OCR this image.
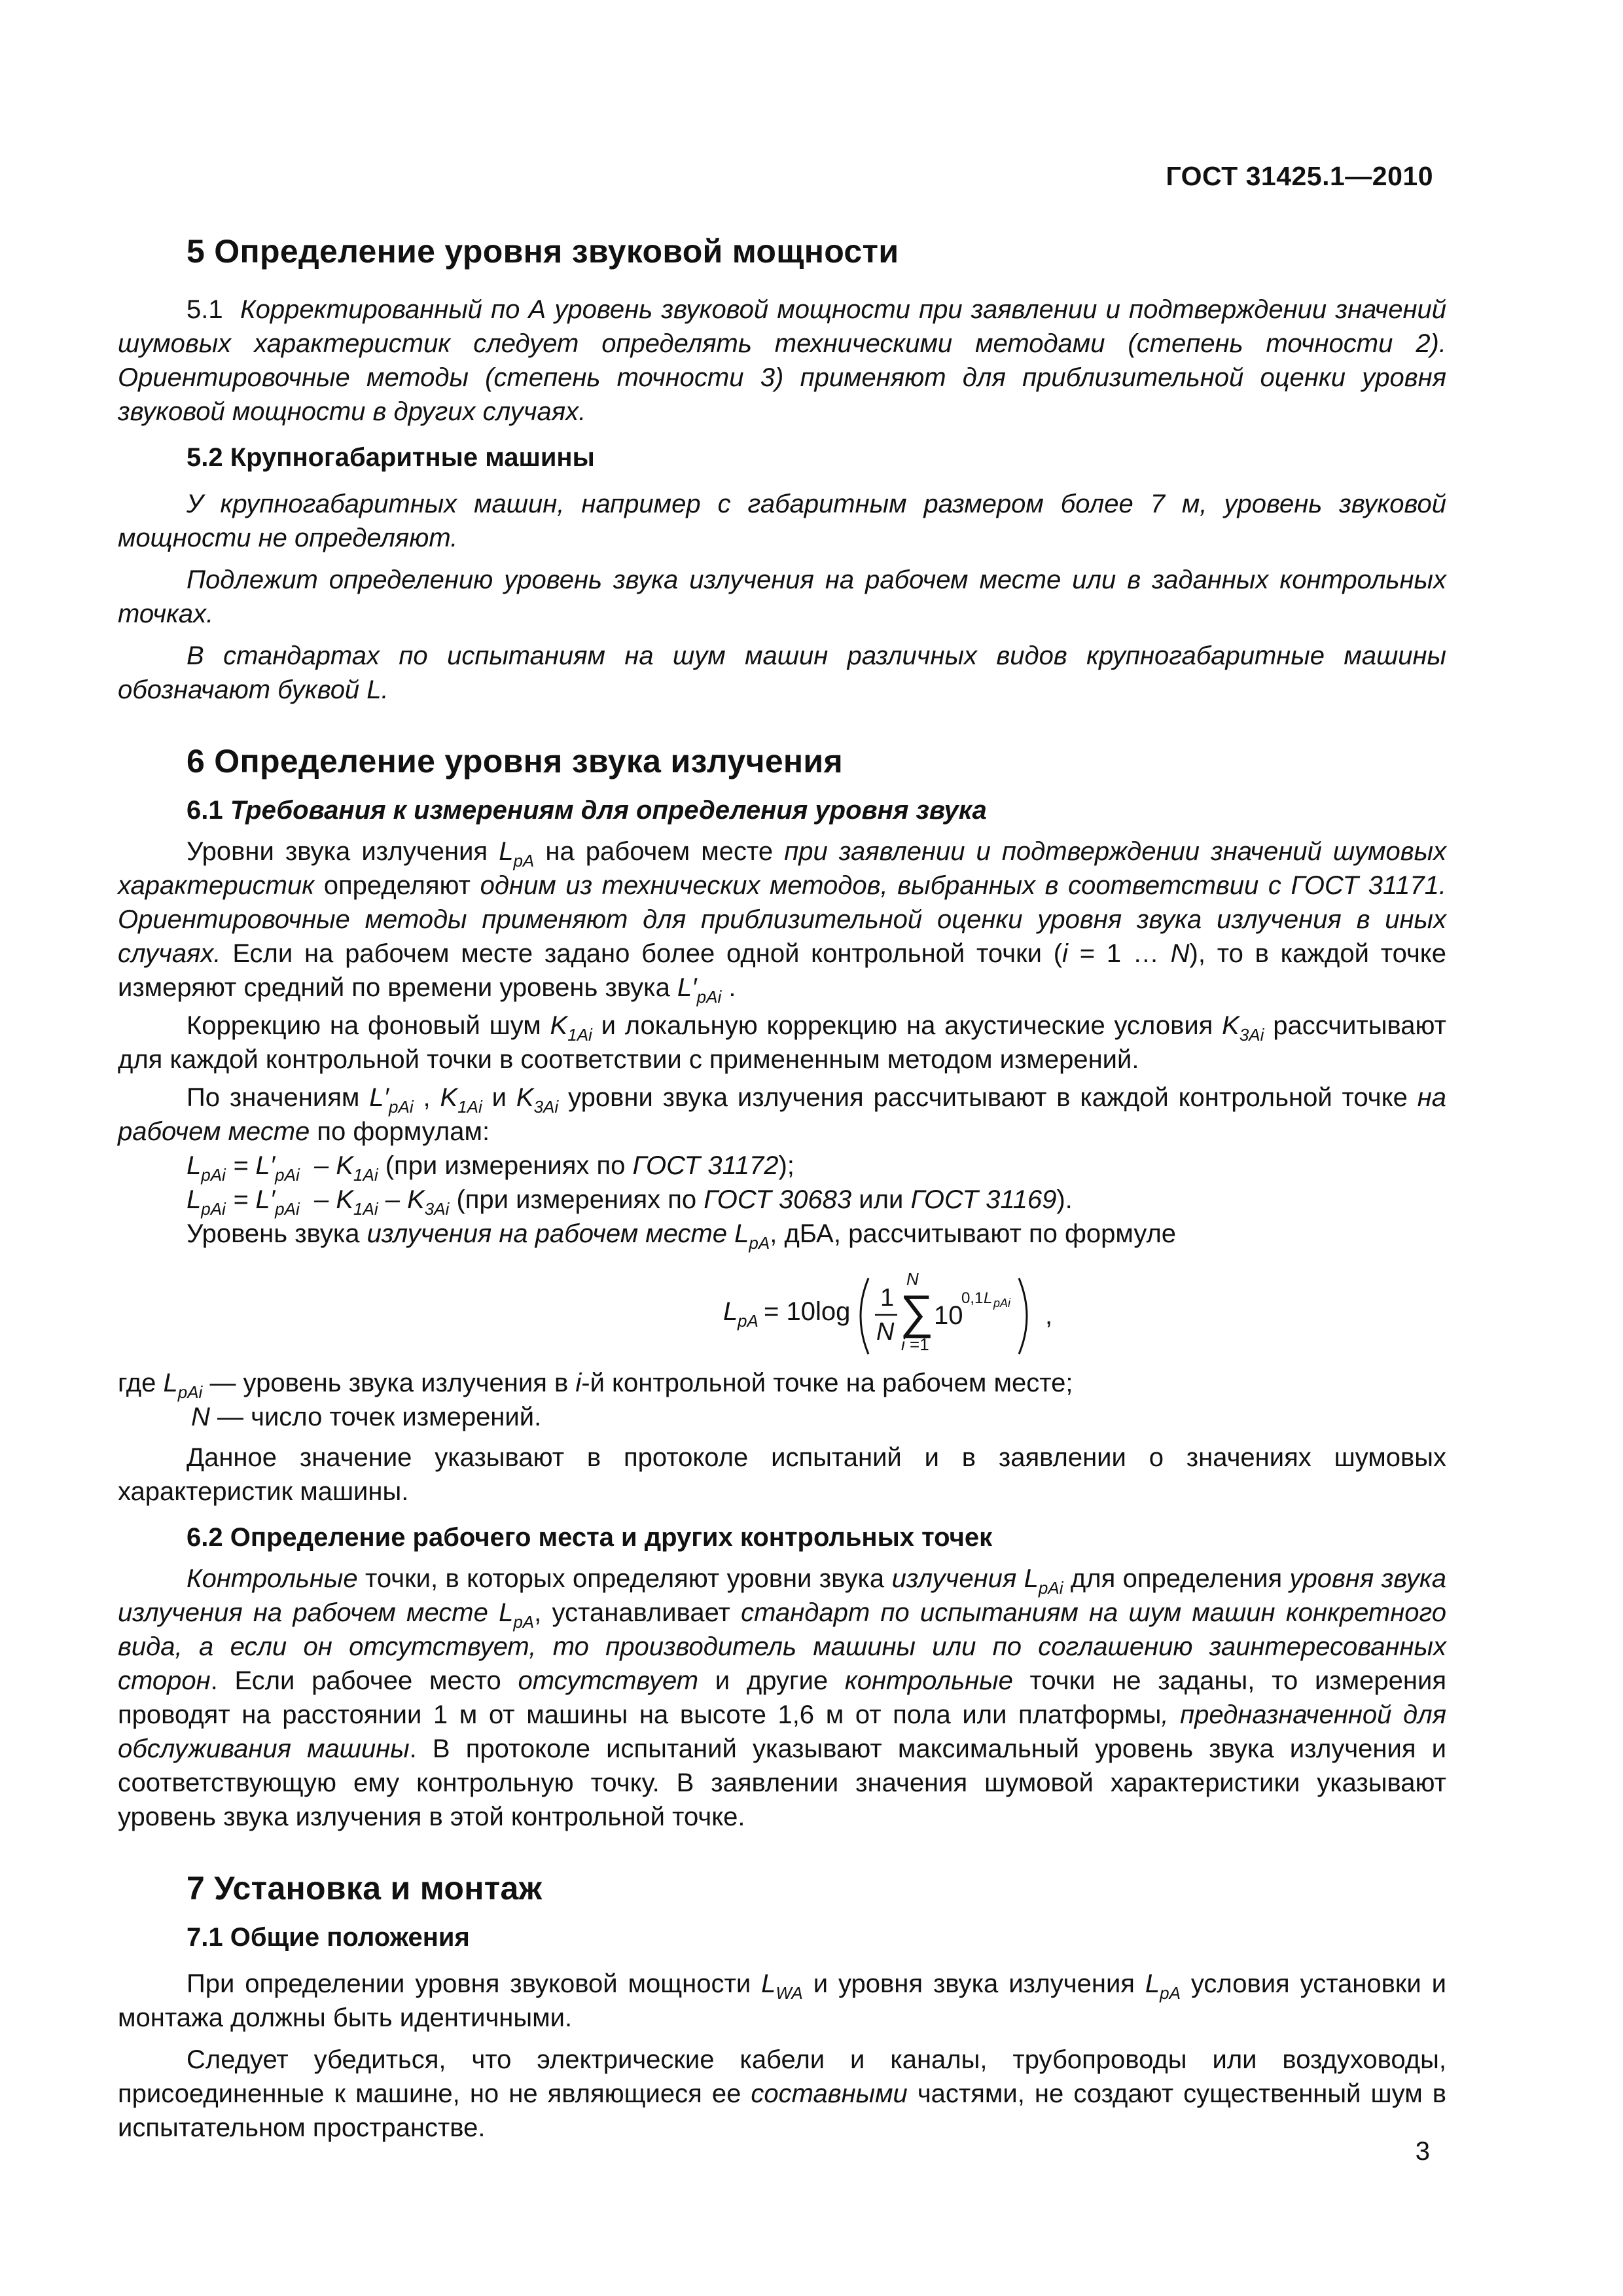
ГОСТ 31425.1—2010
5 Определение уровня звуковой мощности

5.1 Корректированный по А уровень звуковой мощности при заявлении и подтверждении значений шумовых характеристик следует определять техническими методами (степень точности 2). Ориентировочные методы (степень точности 3) применяют для приблизительной оценки уровня звуковой мощности в других случаях.

5.2 Крупногабаритные машины

У крупногабаритных машин, например с габаритным размером более 7 м, уровень звуковой мощности не определяют.

Подлежит определению уровень звука излучения на рабочем месте или в заданных контрольных точках.

В стандартах по испытаниям на шум машин различных видов крупногабаритные машины обозначают буквой L.

6 Определение уровня звука излучения
6.1 Требования к измерениям для определения уровня звука

Уровни звука излучения $L_{pA}$ на рабочем месте при заявлении и подтверждении значений шумовых характеристик определяют одним из технических методов, выбранных в соответствии с ГОСТ 31171. Ориентировочные методы применяют для приблизительной оценки уровня звука излучения в иных случаях. Если на рабочем месте задано более одной контрольной точки (i = 1 … N), то в каждой точке измеряют средний по времени уровень звука $L'_{pAi}$ .

Коррекцию на фоновый шум $K_{1Ai}$ и локальную коррекцию на акустические условия $K_{3Ai}$ рассчитывают для каждой контрольной точки в соответствии с примененным методом измерений.

По значениям $L'_{pAi}$ , $K_{1Ai}$ и $K_{3Ai}$ уровни звука излучения рассчитывают в каждой контрольной точке на рабочем месте по формулам:

$L_{pAi} = L'_{pAi} - K_{1Ai}$ (при измерениях по ГОСТ 31172);
$L_{pAi} = L'_{pAi} - K_{1Ai} - K_{3Ai}$ (при измерениях по ГОСТ 30683 или ГОСТ 31169).
Уровень звука излучения на рабочем месте $L_{pA}$, дБА, рассчитывают по формуле
L pA = 10log 1
N
N
∑
i =1
10
0,1 L pAi ,
где $L_{pAi}$ — уровень звука излучения в i-й контрольной точке на рабочем месте;
N — число точек измерений.

Данное значение указывают в протоколе испытаний и в заявлении о значениях шумовых характеристик машины.

6.2 Определение рабочего места и других контрольных точек

Контрольные точки, в которых определяют уровни звука излучения $L_{pAi}$ для определения уровня звука излучения на рабочем месте $L_{pA}$, устанавливает стандарт по испытаниям на шум машин конкретного вида, а если он отсутствует, то производитель машины или по соглашению заинтересованных сторон. Если рабочее место отсутствует и другие контрольные точки не заданы, то измерения проводят на расстоянии 1 м от машины на высоте 1,6 м от пола или платформы, предназначенной для обслуживания машины. В протоколе испытаний указывают максимальный уровень звука излучения и соответствующую ему контрольную точку. В заявлении значения шумовой характеристики указывают уровень звука излучения в этой контрольной точке.

7 Установка и монтаж
7.1 Общие положения

При определении уровня звуковой мощности $L_{WA}$ и уровня звука излучения $L_{pA}$ условия установки и монтажа должны быть идентичными.

Следует убедиться, что электрические кабели и каналы, трубопроводы или воздуховоды, присоединенные к машине, но не являющиеся ее составными частями, не создают существенный шум в испытательном пространстве.

3
